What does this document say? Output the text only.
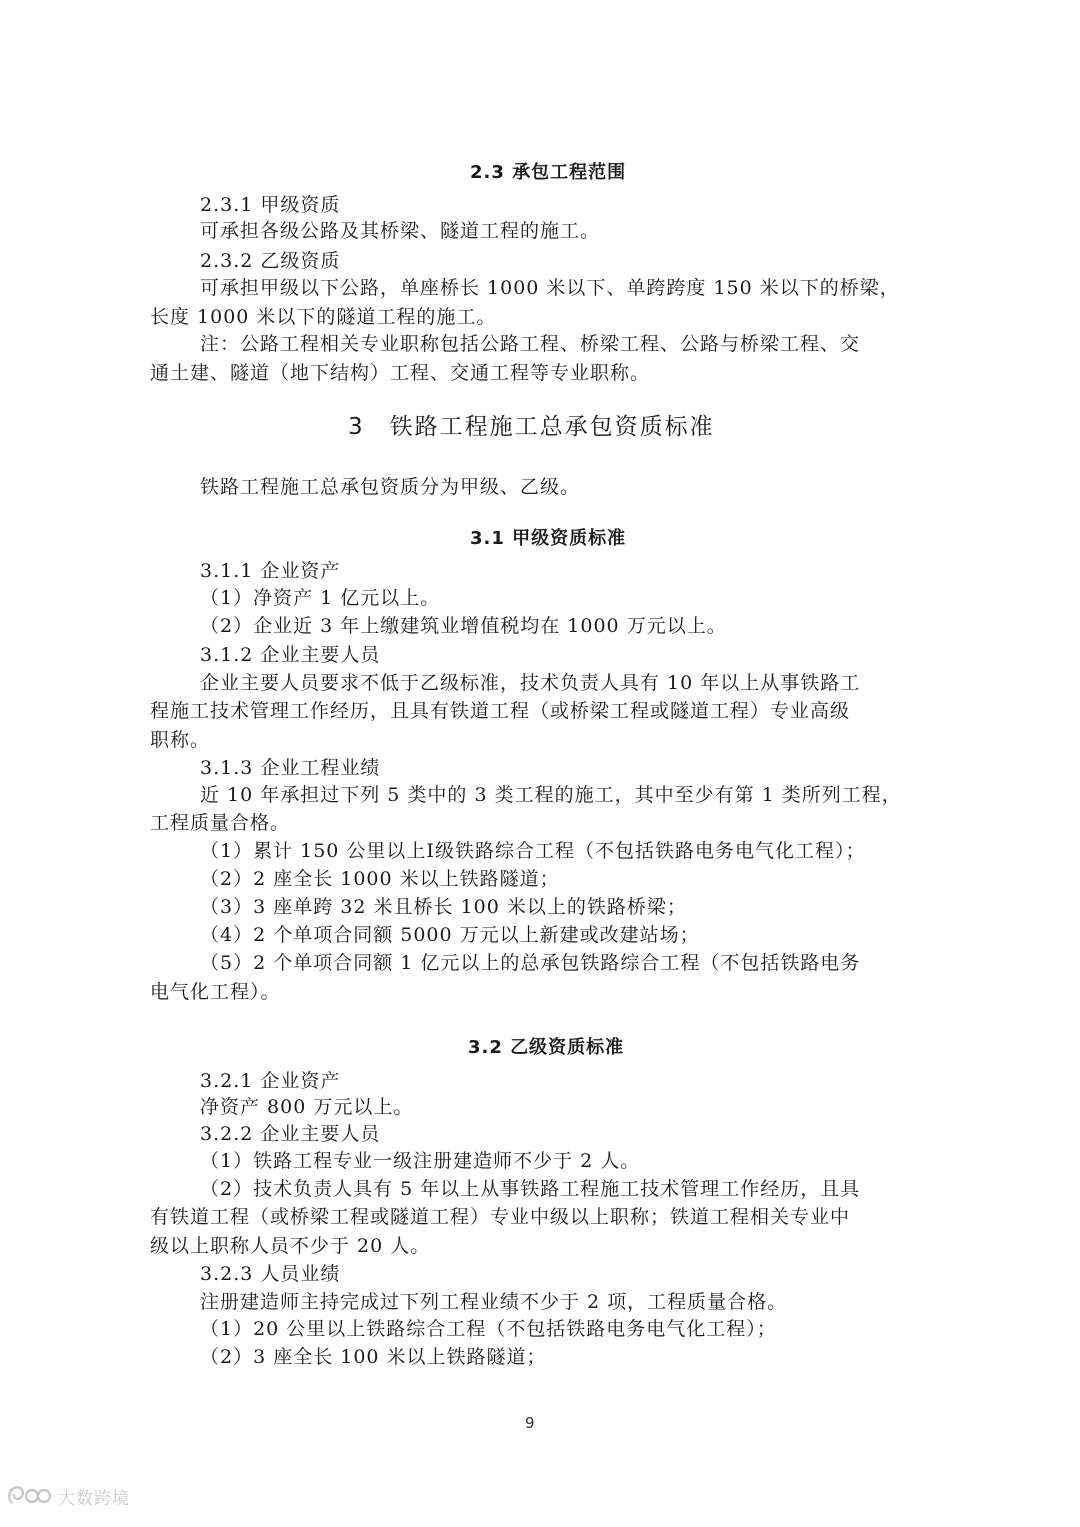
2.3 承包工程范围
2.3.1 甲级资质
可承担各级公路及其桥梁、隧道工程的施工。
2.3.2 乙级资质
可承担甲级以下公路，单座桥长 1000 米以下、单跨跨度 150 米以下的桥梁，
长度 1000 米以下的隧道工程的施工。
注：公路工程相关专业职称包括公路工程、桥梁工程、公路与桥梁工程、交
通土建、隧道（地下结构）工程、交通工程等专业职称。
3　铁路工程施工总承包资质标准
铁路工程施工总承包资质分为甲级、乙级。
3.1 甲级资质标准
3.1.1 企业资产
（1）净资产 1 亿元以上。
（2）企业近 3 年上缴建筑业增值税均在 1000 万元以上。
3.1.2 企业主要人员
企业主要人员要求不低于乙级标准，技术负责人具有 10 年以上从事铁路工
程施工技术管理工作经历，且具有铁道工程（或桥梁工程或隧道工程）专业高级
职称。
3.1.3 企业工程业绩
近 10 年承担过下列 5 类中的 3 类工程的施工，其中至少有第 1 类所列工程，
工程质量合格。
（1）累计 150 公里以上Ⅰ级铁路综合工程（不包括铁路电务电气化工程）；
（2）2 座全长 1000 米以上铁路隧道；
（3）3 座单跨 32 米且桥长 100 米以上的铁路桥梁；
（4）2 个单项合同额 5000 万元以上新建或改建站场；
（5）2 个单项合同额 1 亿元以上的总承包铁路综合工程（不包括铁路电务
电气化工程）。
3.2 乙级资质标准
3.2.1 企业资产
净资产 800 万元以上。
3.2.2 企业主要人员
（1）铁路工程专业一级注册建造师不少于 2 人。
（2）技术负责人具有 5 年以上从事铁路工程施工技术管理工作经历，且具
有铁道工程（或桥梁工程或隧道工程）专业中级以上职称；铁道工程相关专业中
级以上职称人员不少于 20 人。
3.2.3 人员业绩
注册建造师主持完成过下列工程业绩不少于 2 项，工程质量合格。
（1）20 公里以上铁路综合工程（不包括铁路电务电气化工程）；
（2）3 座全长 100 米以上铁路隧道；
9
大数跨境
